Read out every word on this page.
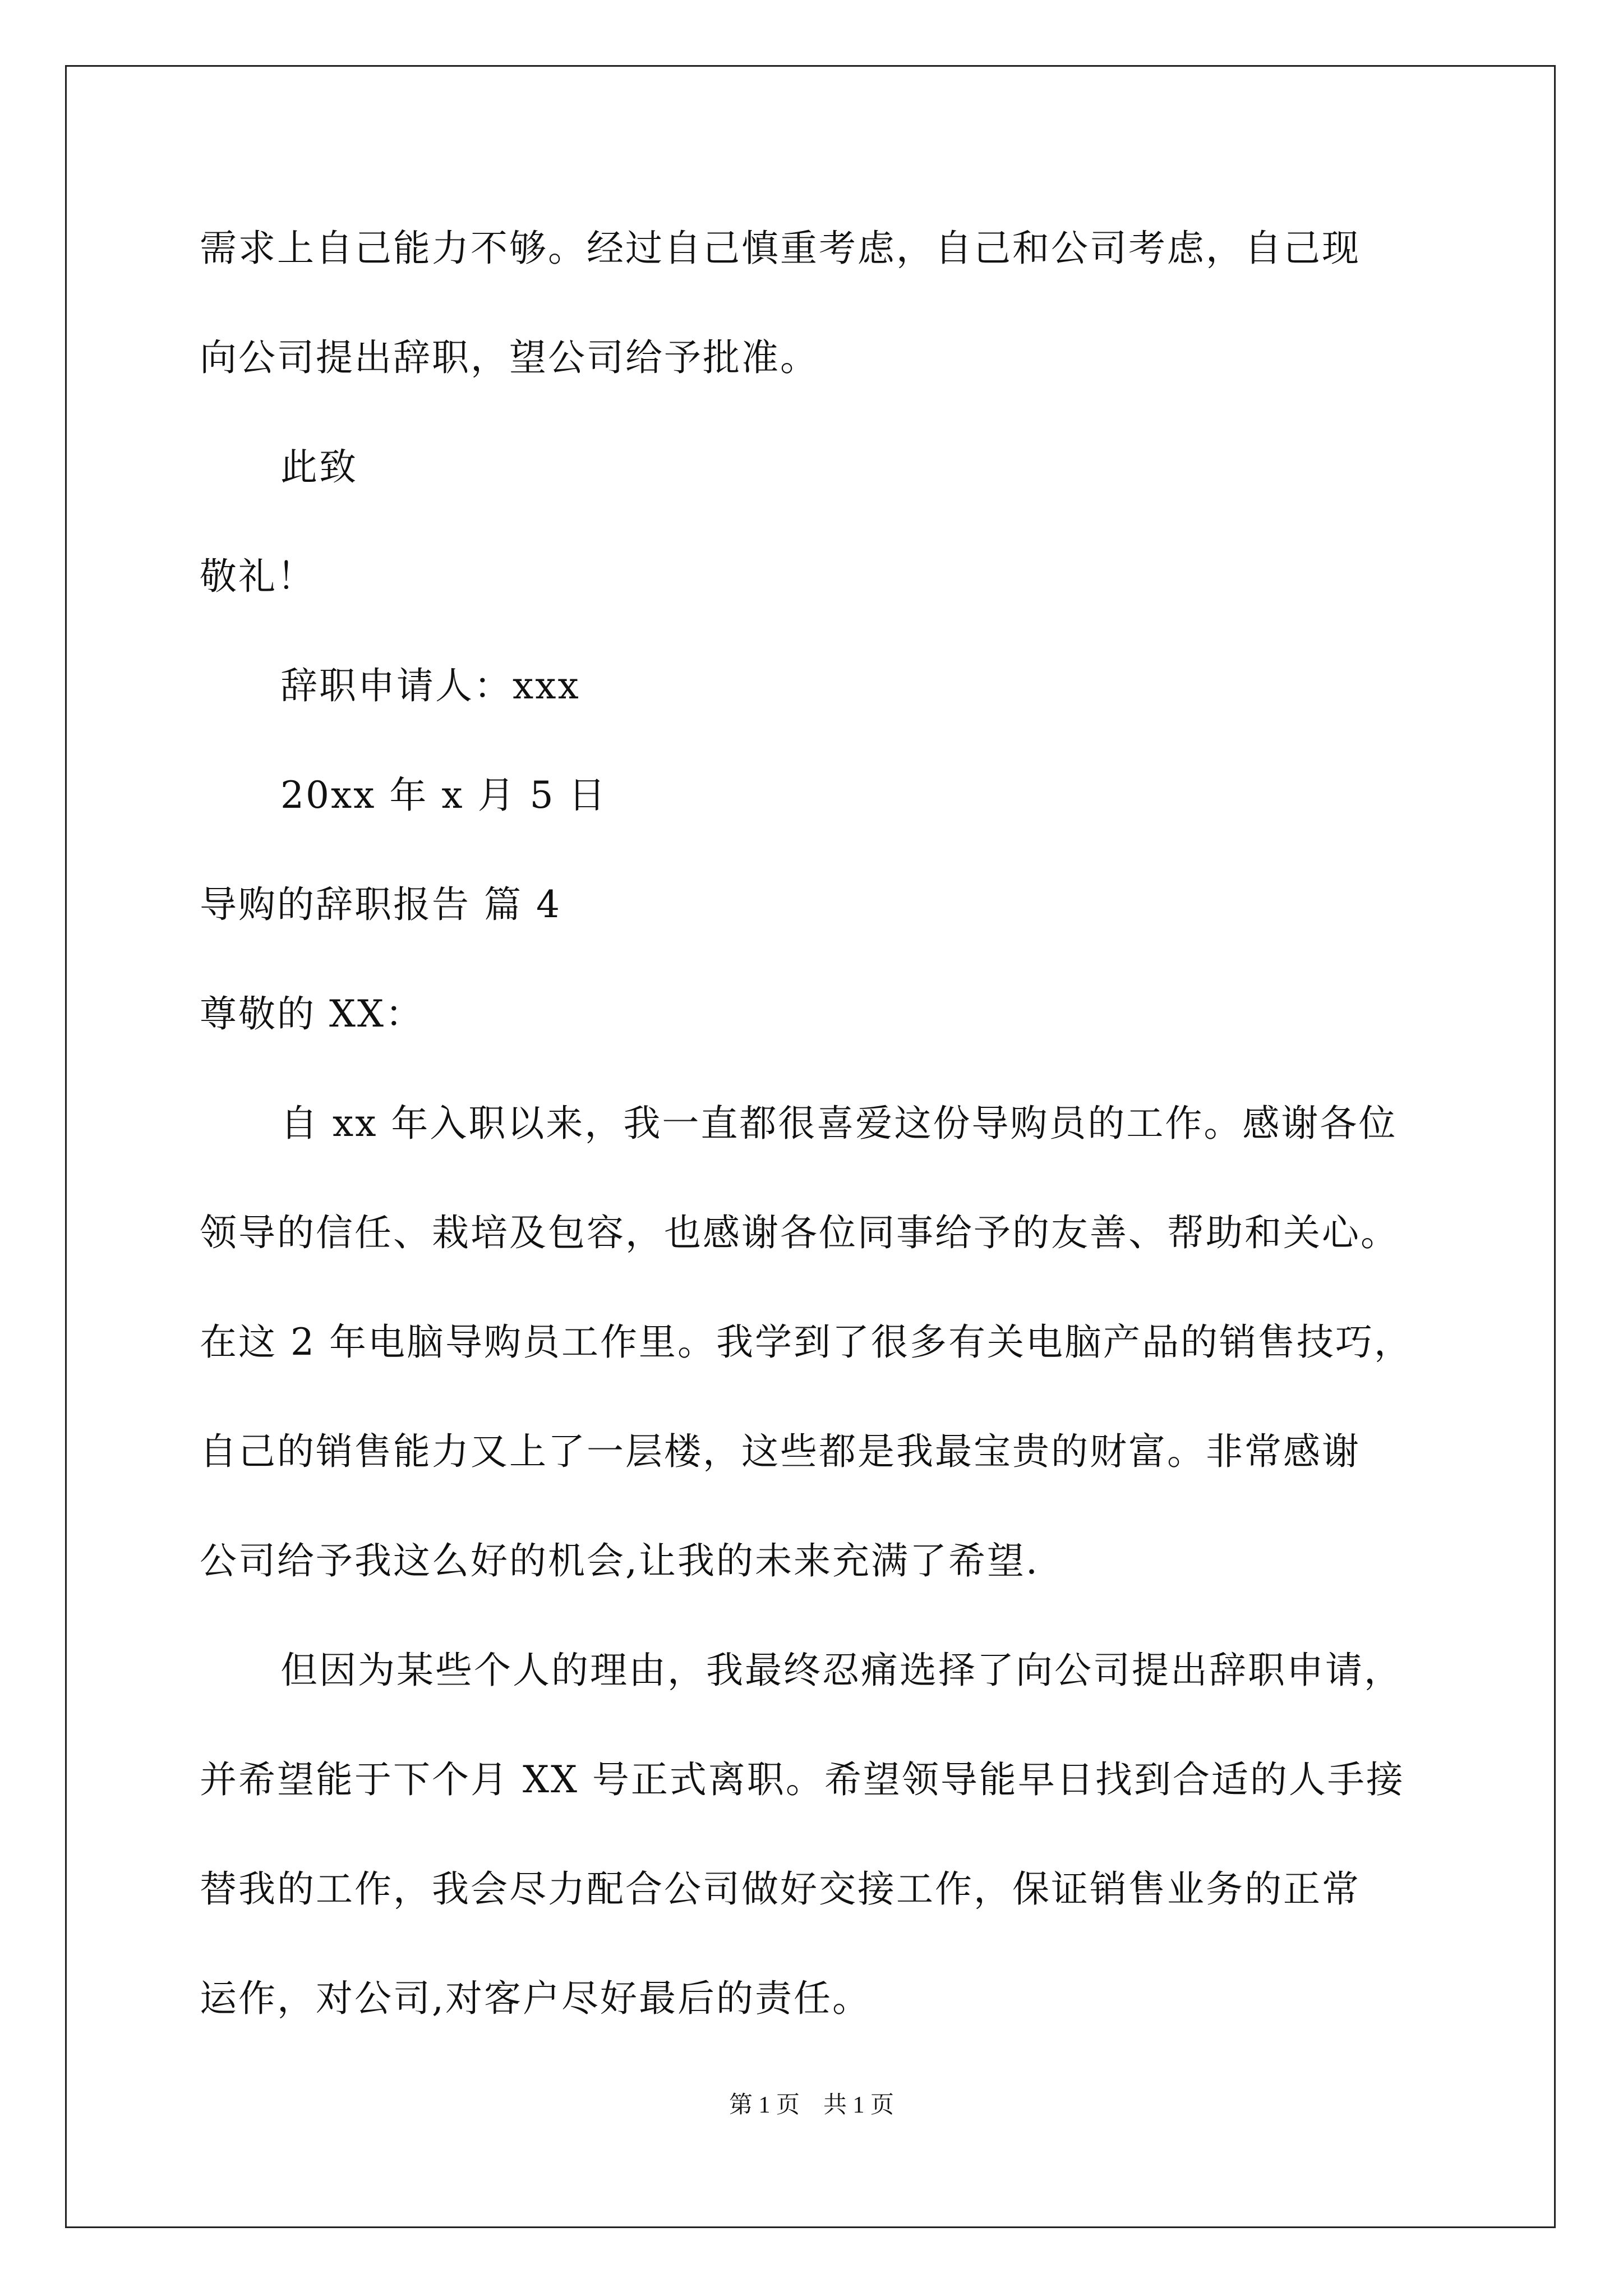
需求上自己能力不够。经过自己慎重考虑，自己和公司考虑，自己现
向公司提出辞职，望公司给予批准。
此致
敬礼！
辞职申请人：xxx
20xx 年 x 月 5 日
导购的辞职报告 篇 4
尊敬的 XX：
自 xx 年入职以来，我一直都很喜爱这份导购员的工作。感谢各位
领导的信任、栽培及包容，也感谢各位同事给予的友善、帮助和关心。
在这 2 年电脑导购员工作里。我学到了很多有关电脑产品的销售技巧，
自己的销售能力又上了一层楼，这些都是我最宝贵的财富。非常感谢
公司给予我这么好的机会,让我的未来充满了希望.
但因为某些个人的理由，我最终忍痛选择了向公司提出辞职申请，
并希望能于下个月 XX 号正式离职。希望领导能早日找到合适的人手接
替我的工作，我会尽力配合公司做好交接工作，保证销售业务的正常
运作，对公司,对客户尽好最后的责任。
第 1 页　共 1 页
